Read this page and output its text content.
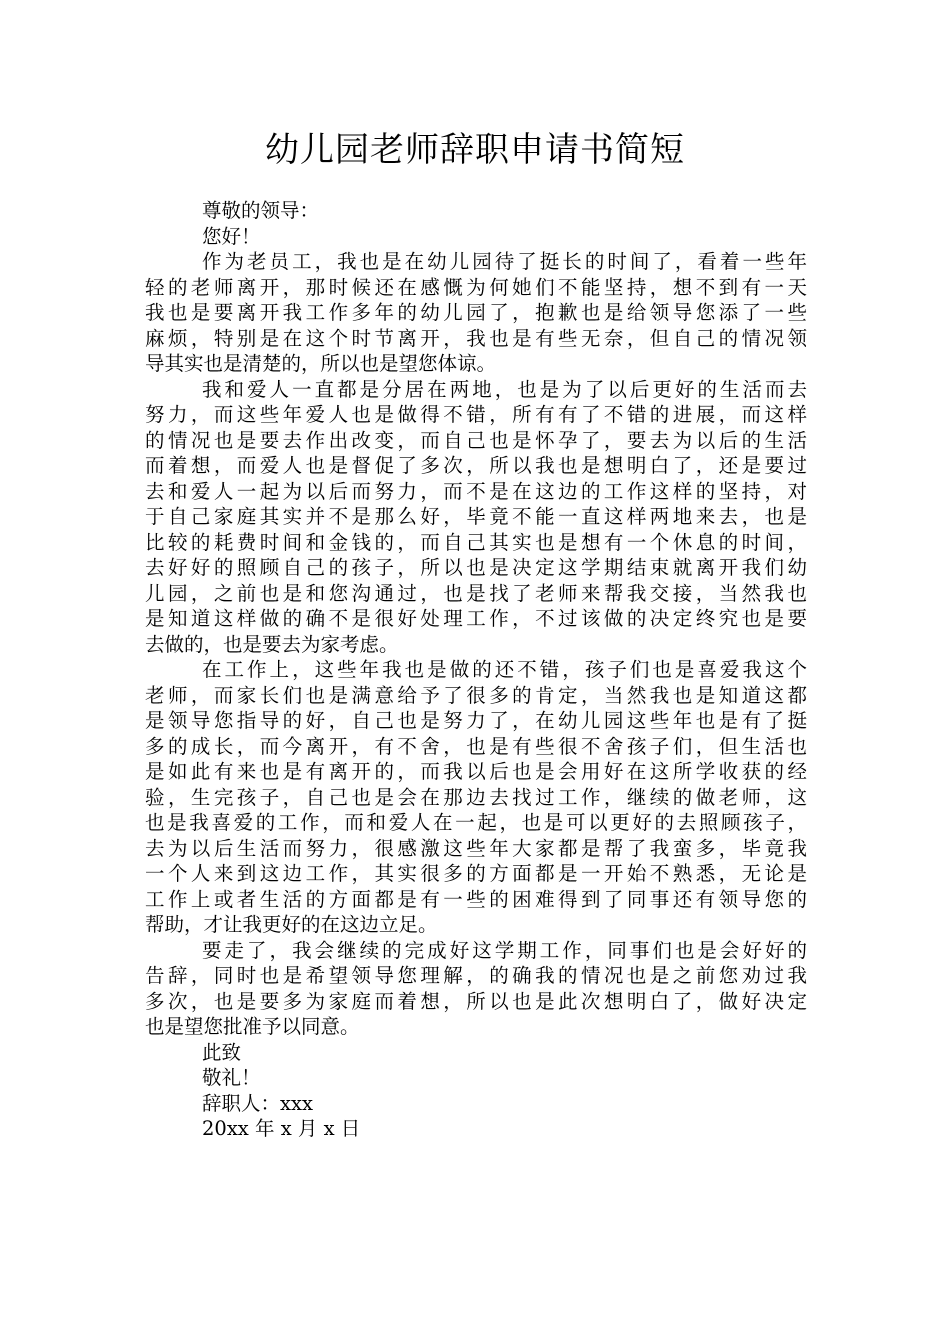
幼儿园老师辞职申请书简短
尊敬的领导：
您好！
作为老员工，我也是在幼儿园待了挺长的时间了，看着一些年
轻的老师离开，那时候还在感慨为何她们不能坚持，想不到有一天
我也是要离开我工作多年的幼儿园了，抱歉也是给领导您添了一些
麻烦，特别是在这个时节离开，我也是有些无奈，但自己的情况领
导其实也是清楚的，所以也是望您体谅。
我和爱人一直都是分居在两地，也是为了以后更好的生活而去
努力，而这些年爱人也是做得不错，所有有了不错的进展，而这样
的情况也是要去作出改变，而自己也是怀孕了，要去为以后的生活
而着想，而爱人也是督促了多次，所以我也是想明白了，还是要过
去和爱人一起为以后而努力，而不是在这边的工作这样的坚持，对
于自己家庭其实并不是那么好，毕竟不能一直这样两地来去，也是
比较的耗费时间和金钱的，而自己其实也是想有一个休息的时间，
去好好的照顾自己的孩子，所以也是决定这学期结束就离开我们幼
儿园，之前也是和您沟通过，也是找了老师来帮我交接，当然我也
是知道这样做的确不是很好处理工作，不过该做的决定终究也是要
去做的，也是要去为家考虑。
在工作上，这些年我也是做的还不错，孩子们也是喜爱我这个
老师，而家长们也是满意给予了很多的肯定，当然我也是知道这都
是领导您指导的好，自己也是努力了，在幼儿园这些年也是有了挺
多的成长，而今离开，有不舍，也是有些很不舍孩子们，但生活也
是如此有来也是有离开的，而我以后也是会用好在这所学收获的经
验，生完孩子，自己也是会在那边去找过工作，继续的做老师，这
也是我喜爱的工作，而和爱人在一起，也是可以更好的去照顾孩子，
去为以后生活而努力，很感激这些年大家都是帮了我蛮多，毕竟我
一个人来到这边工作，其实很多的方面都是一开始不熟悉，无论是
工作上或者生活的方面都是有一些的困难得到了同事还有领导您的
帮助，才让我更好的在这边立足。
要走了，我会继续的完成好这学期工作，同事们也是会好好的
告辞，同时也是希望领导您理解，的确我的情况也是之前您劝过我
多次，也是要多为家庭而着想，所以也是此次想明白了，做好决定
也是望您批准予以同意。
此致
敬礼！
辞职人：xxx
20xx 年 x 月 x 日
